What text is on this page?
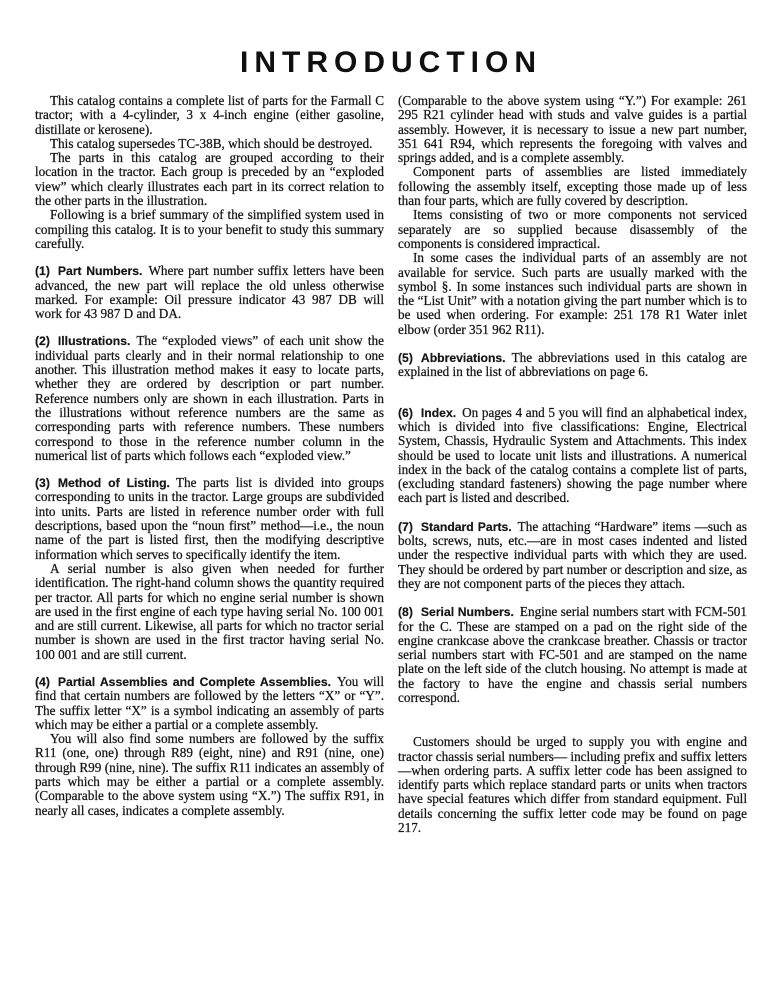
INTRODUCTION

This catalog contains a complete list of parts for the Farmall C tractor; with a 4-cylinder, 3 x 4-inch engine (either gasoline, distillate or kerosene).

This catalog supersedes TC-38B, which should be destroyed.

The parts in this catalog are grouped according to their location in the tractor. Each group is preceded by an “exploded view” which clearly illustrates each part in its correct relation to the other parts in the illustration.

Following is a brief summary of the simplified system used in compiling this catalog. It is to your benefit to study this summary carefully.

(1) Part Numbers. Where part number suffix letters have been advanced, the new part will replace the old unless otherwise marked. For example: Oil pressure indicator 43 987 DB will work for 43 987 D and DA.

(2) Illustrations. The “exploded views” of each unit show the individual parts clearly and in their normal relationship to one another. This illustration method makes it easy to locate parts, whether they are ordered by description or part number. Reference numbers only are shown in each illustration. Parts in the illustrations without reference numbers are the same as corresponding parts with reference numbers. These numbers correspond to those in the reference number column in the numerical list of parts which follows each “exploded view.”

(3) Method of Listing. The parts list is divided into groups corresponding to units in the tractor. Large groups are subdivided into units. Parts are listed in reference number order with full descriptions, based upon the “noun first” method—i.e., the noun name of the part is listed first, then the modifying descriptive information which serves to specifically identify the item.

A serial number is also given when needed for further identification. The right-hand column shows the quantity required per tractor. All parts for which no engine serial number is shown are used in the first engine of each type having serial No. 100 001 and are still current. Likewise, all parts for which no tractor serial number is shown are used in the first tractor having serial No. 100 001 and are still current.

(4) Partial Assemblies and Complete Assemblies. You will find that certain numbers are followed by the letters “X” or “Y”. The suffix letter “X” is a symbol indicating an assembly of parts which may be either a partial or a complete assembly.

You will also find some numbers are followed by the suffix R11 (one, one) through R89 (eight, nine) and R91 (nine, one) through R99 (nine, nine). The suffix R11 indicates an assembly of parts which may be either a partial or a complete assembly. (Comparable to the above system using “X.”) The suffix R91, in nearly all cases, indicates a complete assembly.

(Comparable to the above system using “Y.”) For example: 261 295 R21 cylinder head with studs and valve guides is a partial assembly. However, it is necessary to issue a new part number, 351 641 R94, which represents the foregoing with valves and springs added, and is a complete assembly.

Component parts of assemblies are listed immediately following the assembly itself, excepting those made up of less than four parts, which are fully covered by description.

Items consisting of two or more components not serviced separately are so supplied because disassembly of the components is considered impractical.

In some cases the individual parts of an assembly are not available for service. Such parts are usually marked with the symbol §. In some instances such individual parts are shown in the “List Unit” with a notation giving the part number which is to be used when ordering. For example: 251 178 R1 Water inlet elbow (order 351 962 R11).

(5) Abbreviations. The abbreviations used in this catalog are explained in the list of abbreviations on page 6.

(6) Index. On pages 4 and 5 you will find an alphabetical index, which is divided into five classifications: Engine, Electrical System, Chassis, Hydraulic System and Attachments. This index should be used to locate unit lists and illustrations. A numerical index in the back of the catalog contains a complete list of parts, (excluding standard fasteners) showing the page number where each part is listed and described.

(7) Standard Parts. The attaching “Hardware” items —such as bolts, screws, nuts, etc.—are in most cases indented and listed under the respective individual parts with which they are used. They should be ordered by part number or description and size, as they are not component parts of the pieces they attach.

(8) Serial Numbers. Engine serial numbers start with FCM-501 for the C. These are stamped on a pad on the right side of the engine crankcase above the crankcase breather. Chassis or tractor serial numbers start with FC-501 and are stamped on the name plate on the left side of the clutch housing. No attempt is made at the factory to have the engine and chassis serial numbers correspond.

Customers should be urged to supply you with engine and tractor chassis serial numbers— including prefix and suffix letters—when ordering parts. A suffix letter code has been assigned to identify parts which replace standard parts or units when tractors have special features which differ from standard equipment. Full details concerning the suffix letter code may be found on page 217.
